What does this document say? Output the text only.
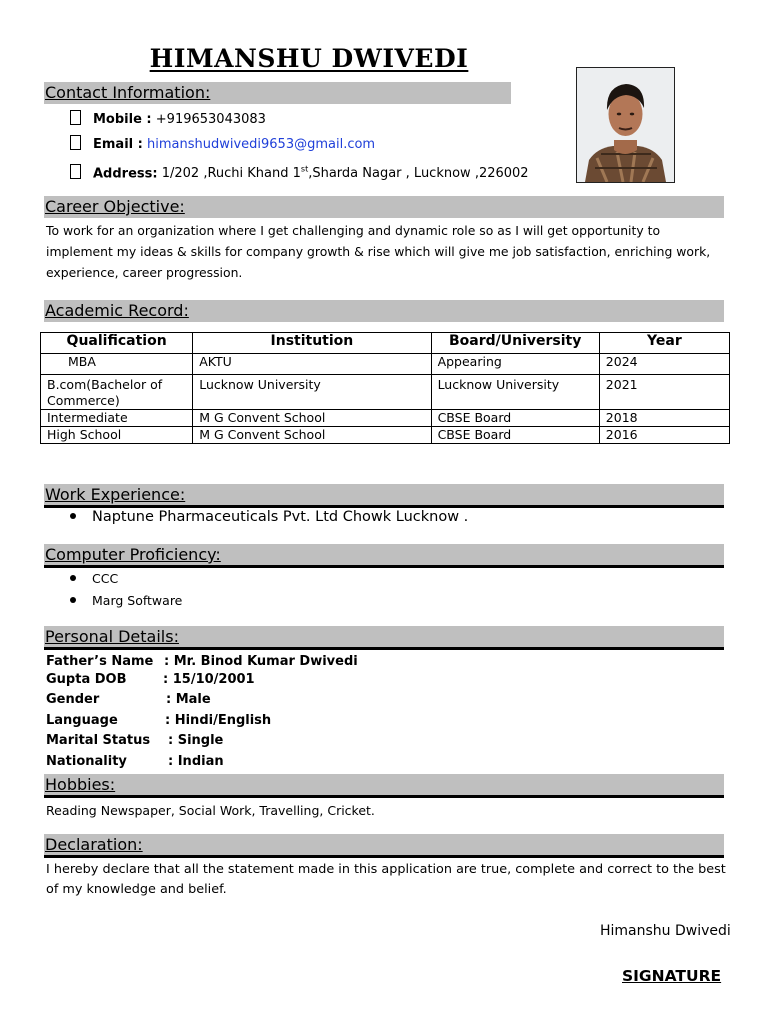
HIMANSHU DWIVEDI
Contact Information:
Mobile : +919653043083
Email : himanshudwivedi9653@gmail.com
Address: 1/202 ,Ruchi Khand 1st,Sharda Nagar , Lucknow ,226002
Career Objective:
To work for an organization where I get challenging and dynamic role so as I will get opportunity to implement my ideas & skills for company growth & rise which will give me job satisfaction, enriching work, experience, career progression.
Academic Record:
Qualification	Institution	Board/University	Year
MBA	AKTU	Appearing	2024
B.com(Bachelor of Commerce)	Lucknow University	Lucknow University	2021
Intermediate	M G Convent School	CBSE Board	2018
High School	M G Convent School	CBSE Board	2016
Work Experience:
Naptune Pharmaceuticals Pvt. Ltd Chowk Lucknow .
Computer Proficiency:
CCC
Marg Software
Personal Details:
Father’s Name : Mr. Binod Kumar Dwivedi
Gupta DOB	: 15/10/2001
Gender	: Male
Language	: Hindi/English
Marital Status : Single
Nationality	: Indian
Hobbies:
Reading Newspaper, Social Work, Travelling, Cricket.
Declaration:
I hereby declare that all the statement made in this application are true, complete and correct to the best of my knowledge and belief.
Himanshu Dwivedi
SIGNATURE
